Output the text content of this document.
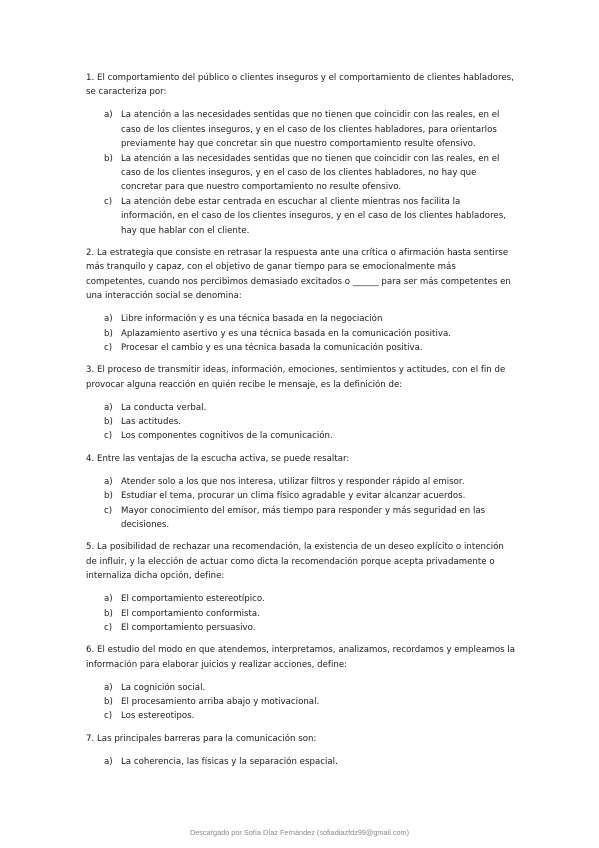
1. El comportamiento del público o clientes inseguros y el comportamiento de clientes habladores, se caracteriza por:

a) La atención a las necesidades sentidas que no tienen que coincidir con las reales, en el caso de los clientes inseguros, y en el caso de los clientes habladores, para orientarlos previamente hay que concretar sin que nuestro comportamiento resulte ofensivo.
b) La atención a las necesidades sentidas que no tienen que coincidir con las reales, en el caso de los clientes inseguros, y en el caso de los clientes habladores, no hay que concretar para que nuestro comportamiento no resulte ofensivo.
c)	La atención debe estar centrada en escuchar al cliente mientras nos facilita la información, en el caso de los clientes inseguros, y en el caso de los clientes habladores, hay que hablar con el cliente.

2. La estrategia que consiste en retrasar la respuesta ante una crítica o afirmación hasta sentirse más tranquilo y capaz, con el objetivo de ganar tiempo para se emocionalmente más competentes, cuando nos percibimos demasiado excitados o ______ para ser más competentes en una interacción social se denomina:

a) Libre información y es una técnica basada en la negociación
b) Aplazamiento asertivo y es una técnica basada en la comunicación positiva.
c)	Procesar el cambio y es una técnica basada la comunicación positiva.

3. El proceso de transmitir ideas, información, emociones, sentimientos y actitudes, con el fin de provocar alguna reacción en quién recibe le mensaje, es la definición de:

a) La conducta verbal.
b) Las actitudes.
c)	Los componentes cognitivos de la comunicación.

4. Entre las ventajas de la escucha activa, se puede resaltar:

a) Atender solo a los que nos interesa, utilizar filtros y responder rápido al emisor.
b) Estudiar el tema, procurar un clima físico agradable y evitar alcanzar acuerdos.
c)	Mayor conocimiento del emisor, más tiempo para responder y más seguridad en las decisiones.

5. La posibilidad de rechazar una recomendación, la existencia de un deseo explícito o intención de influir, y la elección de actuar como dicta la recomendación porque acepta privadamente o internaliza dicha opción, define:

a) El comportamiento estereotípico.
b) El comportamiento conformista.
c)	El comportamiento persuasivo.

6. El estudio del modo en que atendemos, interpretamos, analizamos, recordamos y empleamos la información para elaborar juicios y realizar acciones, define:

a) La cognición social.
b) El procesamiento arriba abajo y motivacional.
c)	Los estereotipos.

7. Las principales barreras para la comunicación son:

a) La coherencia, las físicas y la separación espacial.
Descargado por Sofía Díaz Fernández (sofiadiazfdz99@gmail.com)
